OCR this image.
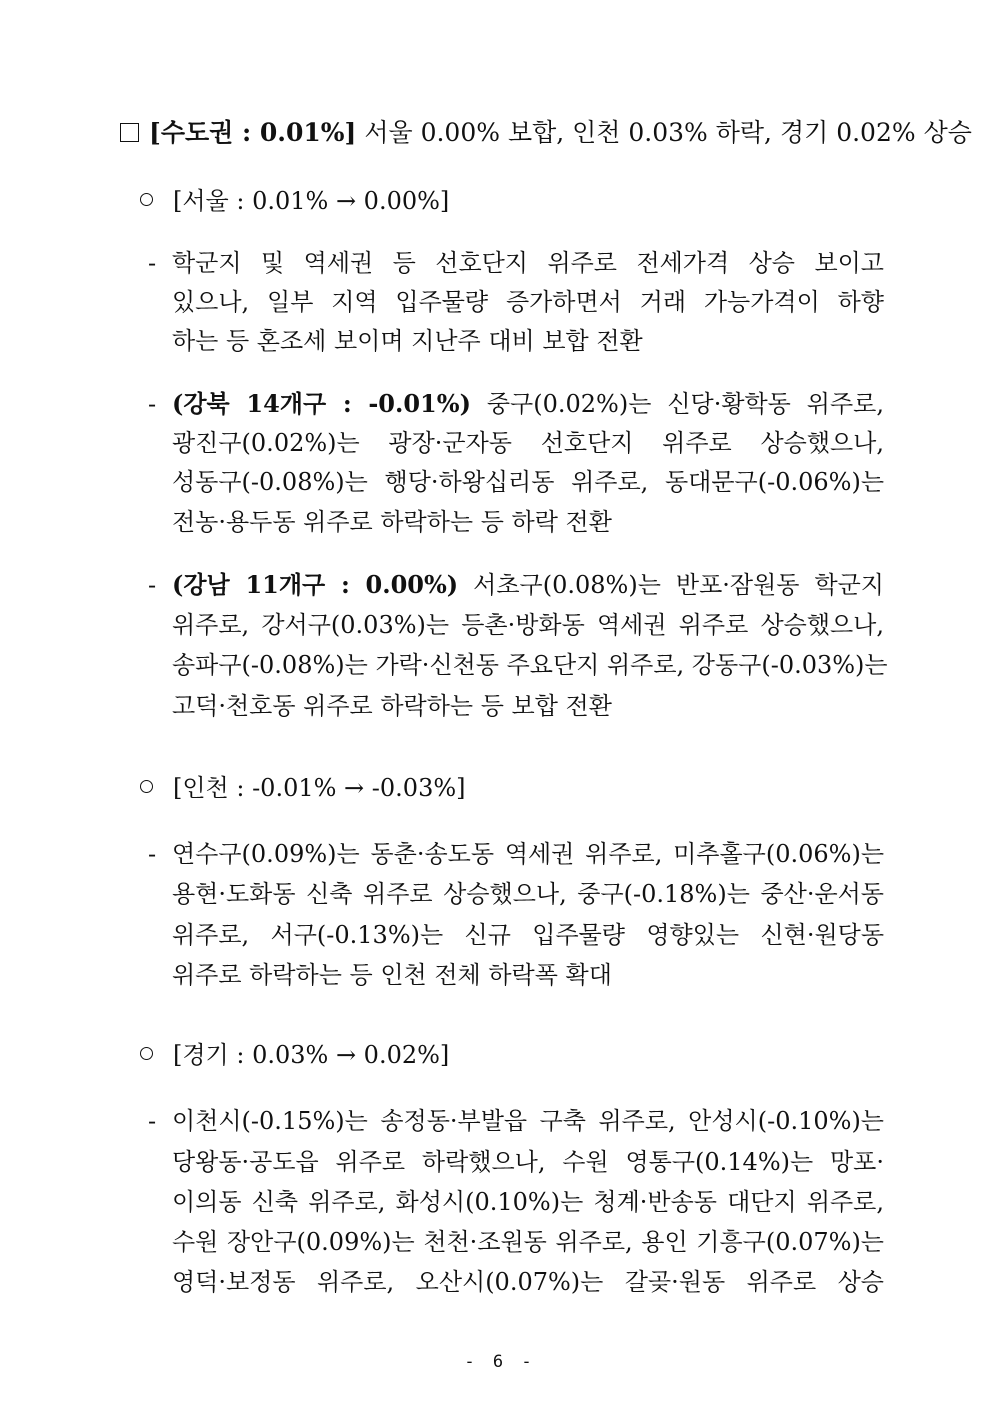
[수도권 : 0.01%] 서울 0.00% 보합, 인천 0.03% 하락, 경기 0.02% 상승
[서울 : 0.01% → 0.00%]
- 학군지 및 역세권 등 선호단지 위주로 전세가격 상승 보이고
있으나, 일부 지역 입주물량 증가하면서 거래 가능가격이 하향
하는 등 혼조세 보이며 지난주 대비 보합 전환
- (강북 14개구 : -0.01%) 중구(0.02%)는 신당·황학동 위주로,
광진구(0.02%)는 광장·군자동 선호단지 위주로 상승했으나,
성동구(-0.08%)는 행당·하왕십리동 위주로, 동대문구(-0.06%)는
전농·용두동 위주로 하락하는 등 하락 전환
- (강남 11개구 : 0.00%) 서초구(0.08%)는 반포·잠원동 학군지
위주로, 강서구(0.03%)는 등촌·방화동 역세권 위주로 상승했으나,
송파구(-0.08%)는 가락·신천동 주요단지 위주로, 강동구(-0.03%)는
고덕·천호동 위주로 하락하는 등 보합 전환
[인천 : -0.01% → -0.03%]
- 연수구(0.09%)는 동춘·송도동 역세권 위주로, 미추홀구(0.06%)는
용현·도화동 신축 위주로 상승했으나, 중구(-0.18%)는 중산·운서동
위주로, 서구(-0.13%)는 신규 입주물량 영향있는 신현·원당동
위주로 하락하는 등 인천 전체 하락폭 확대
[경기 : 0.03% → 0.02%]
- 이천시(-0.15%)는 송정동·부발읍 구축 위주로, 안성시(-0.10%)는
당왕동·공도읍 위주로 하락했으나, 수원 영통구(0.14%)는 망포·
이의동 신축 위주로, 화성시(0.10%)는 청계·반송동 대단지 위주로,
수원 장안구(0.09%)는 천천·조원동 위주로, 용인 기흥구(0.07%)는
영덕·보정동 위주로, 오산시(0.07%)는 갈곶·원동 위주로 상승
- 6 -
